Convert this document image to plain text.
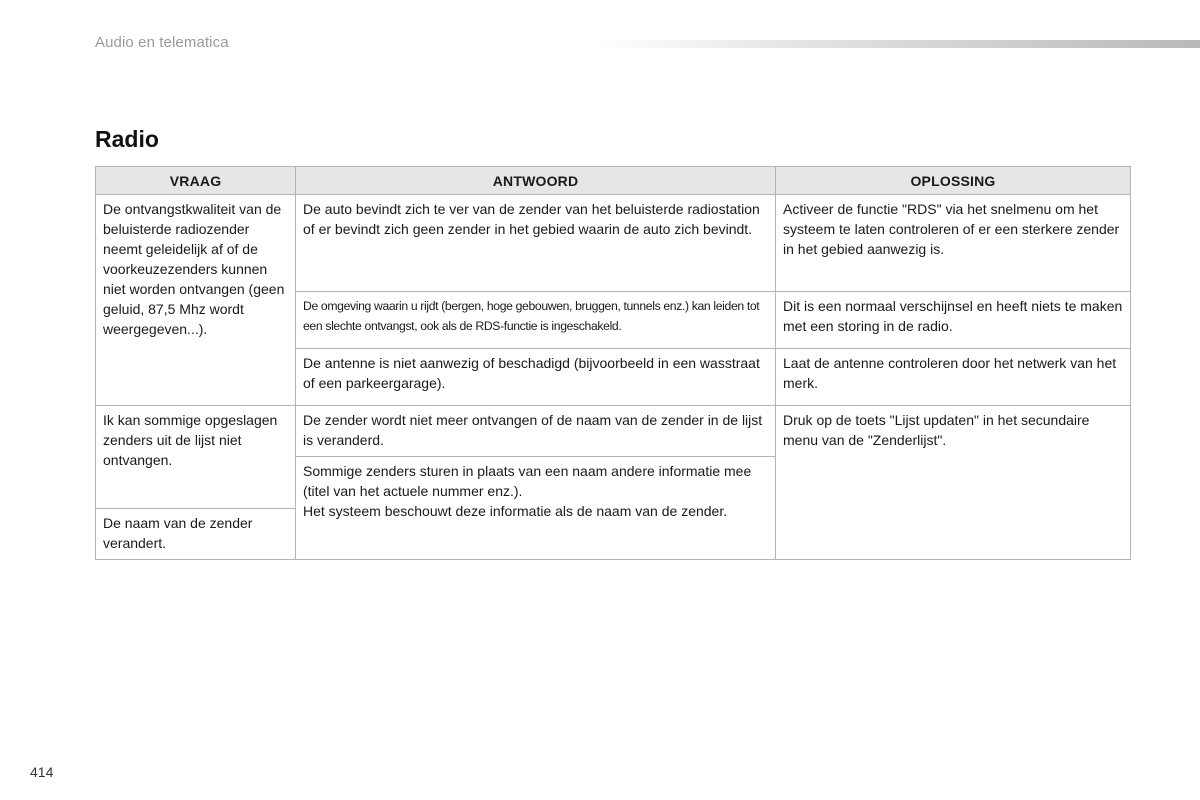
Audio en telematica
Radio
VRAAG	ANTWOORD	OPLOSSING
De ontvangstkwaliteit van de beluisterde radiozender neemt geleidelijk af of de voorkeuzezenders kunnen niet worden ontvangen (geen geluid, 87,5 Mhz wordt weergegeven...).	De auto bevindt zich te ver van de zender van het beluisterde radiostation of er bevindt zich geen zender in het gebied waarin de auto zich bevindt.	Activeer de functie "RDS" via het snelmenu om het systeem te laten controleren of er een sterkere zender in het gebied aanwezig is.
	De omgeving waarin u rijdt (bergen, hoge gebouwen, bruggen, tunnels enz.) kan leiden tot een slechte ontvangst, ook als de RDS-functie is ingeschakeld.	Dit is een normaal verschijnsel en heeft niets te maken met een storing in de radio.
	De antenne is niet aanwezig of beschadigd (bijvoorbeeld in een wasstraat of een parkeergarage).	Laat de antenne controleren door het netwerk van het merk.
Ik kan sommige opgeslagen zenders uit de lijst niet ontvangen.	De zender wordt niet meer ontvangen of de naam van de zender in de lijst is veranderd.	Druk op de toets "Lijst updaten" in het secundaire menu van de "Zenderlijst".
	Sommige zenders sturen in plaats van een naam andere informatie mee (titel van het actuele nummer enz.).
Het systeem beschouwt deze informatie als de naam van de zender.	
De naam van de zender verandert.		
414
